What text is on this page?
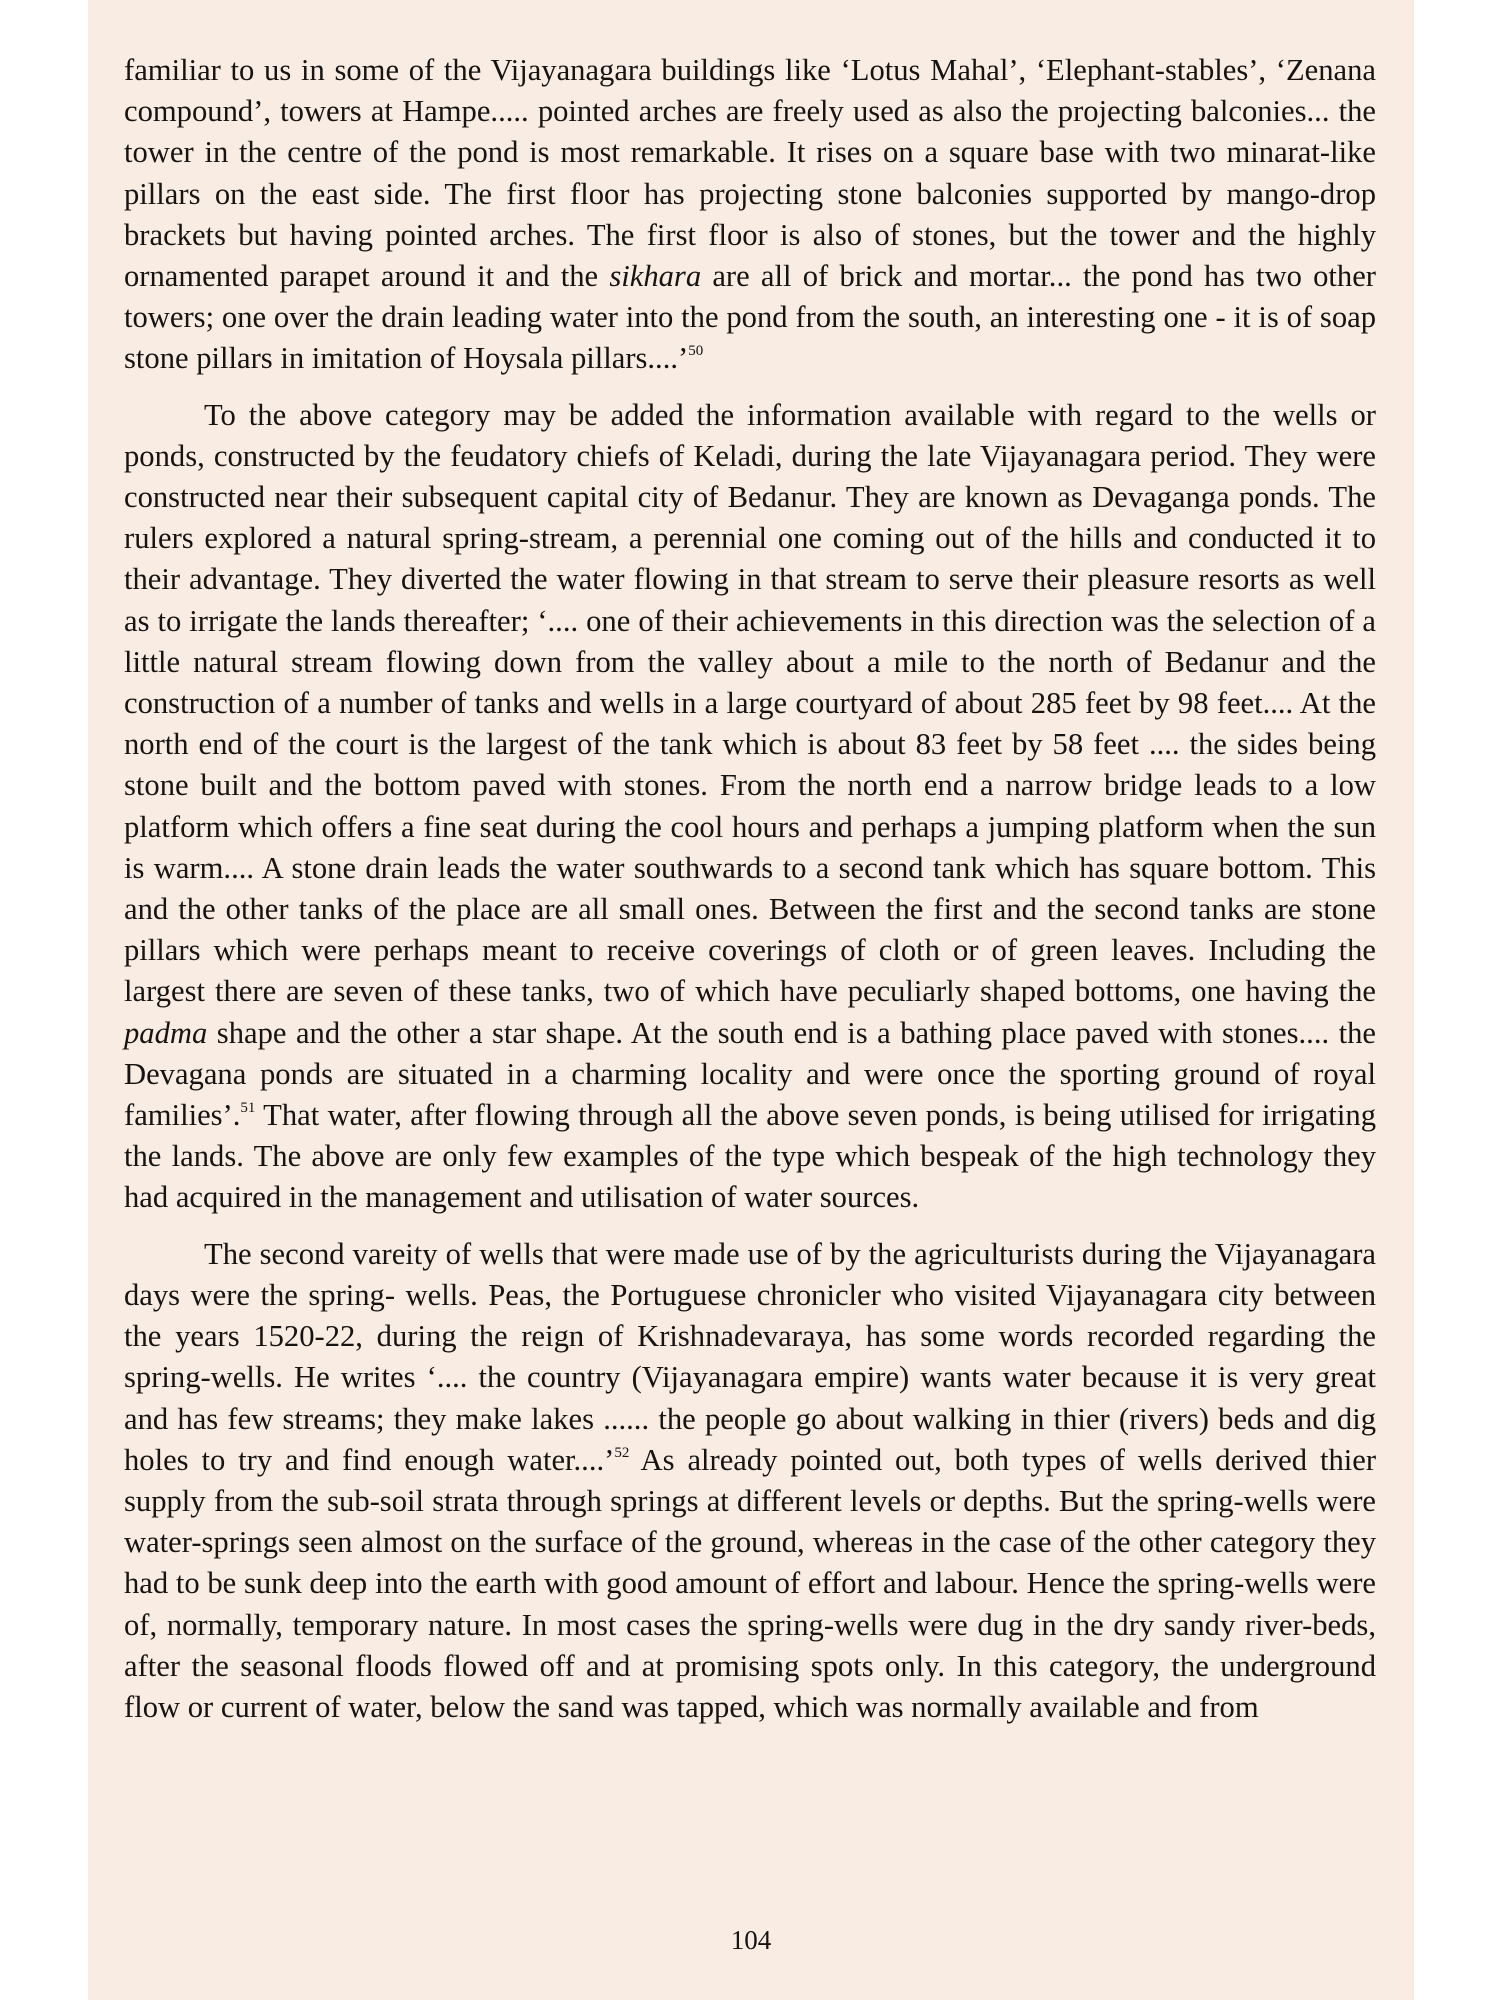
familiar to us in some of the Vijayanagara buildings like ‘Lotus Mahal’, ‘Elephant-stables’, ‘Zenana compound’, towers at Hampe..... pointed arches are freely used as also the projecting balconies... the tower in the centre of the pond is most remarkable. It rises on a square base with two minarat-like pillars on the east side. The first floor has projecting stone balconies supported by mango-drop brackets but having pointed arches. The first floor is also of stones, but the tower and the highly ornamented parapet around it and the sikhara are all of brick and mortar... the pond has two other towers; one over the drain leading water into the pond from the south, an interesting one - it is of soap stone pillars in imitation of Hoysala pillars....’$^{50}$

To the above category may be added the information available with regard to the wells or ponds, constructed by the feudatory chiefs of Keladi, during the late Vijayanagara period. They were constructed near their subsequent capital city of Bedanur. They are known as Devaganga ponds. The rulers explored a natural spring-stream, a perennial one coming out of the hills and conducted it to their advantage. They diverted the water flowing in that stream to serve their pleasure resorts as well as to irrigate the lands thereafter; ‘.... one of their achievements in this direction was the selection of a little natural stream flowing down from the valley about a mile to the north of Bedanur and the construction of a number of tanks and wells in a large courtyard of about 285 feet by 98 feet.... At the north end of the court is the largest of the tank which is about 83 feet by 58 feet .... the sides being stone built and the bottom paved with stones. From the north end a narrow bridge leads to a low platform which offers a fine seat during the cool hours and perhaps a jumping platform when the sun is warm.... A stone drain leads the water southwards to a second tank which has square bottom. This and the other tanks of the place are all small ones. Between the first and the second tanks are stone pillars which were perhaps meant to receive coverings of cloth or of green leaves. Including the largest there are seven of these tanks, two of which have peculiarly shaped bottoms, one having the padma shape and the other a star shape. At the south end is a bathing place paved with stones.... the Devagana ponds are situated in a charming locality and were once the sporting ground of royal families’.$^{51}$ That water, after flowing through all the above seven ponds, is being utilised for irrigating the lands. The above are only few examples of the type which bespeak of the high technology they had acquired in the management and utilisation of water sources.

The second vareity of wells that were made use of by the agriculturists during the Vijayanagara days were the spring- wells. Peas, the Portuguese chronicler who visited Vijayanagara city between the years 1520-22, during the reign of Krishnadevaraya, has some words recorded regarding the spring-wells. He writes ‘.... the country (Vijayanagara empire) wants water because it is very great and has few streams; they make lakes ...... the people go about walking in thier (rivers) beds and dig holes to try and find enough water....’$^{52}$ As already pointed out, both types of wells derived thier supply from the sub-soil strata through springs at different levels or depths. But the spring-wells were water-springs seen almost on the surface of the ground, whereas in the case of the other category they had to be sunk deep into the earth with good amount of effort and labour. Hence the spring-wells were of, normally, temporary nature. In most cases the spring-wells were dug in the dry sandy river-beds, after the seasonal floods flowed off and at promising spots only. In this category, the underground flow or current of water, below the sand was tapped, which was normally available and from

104
